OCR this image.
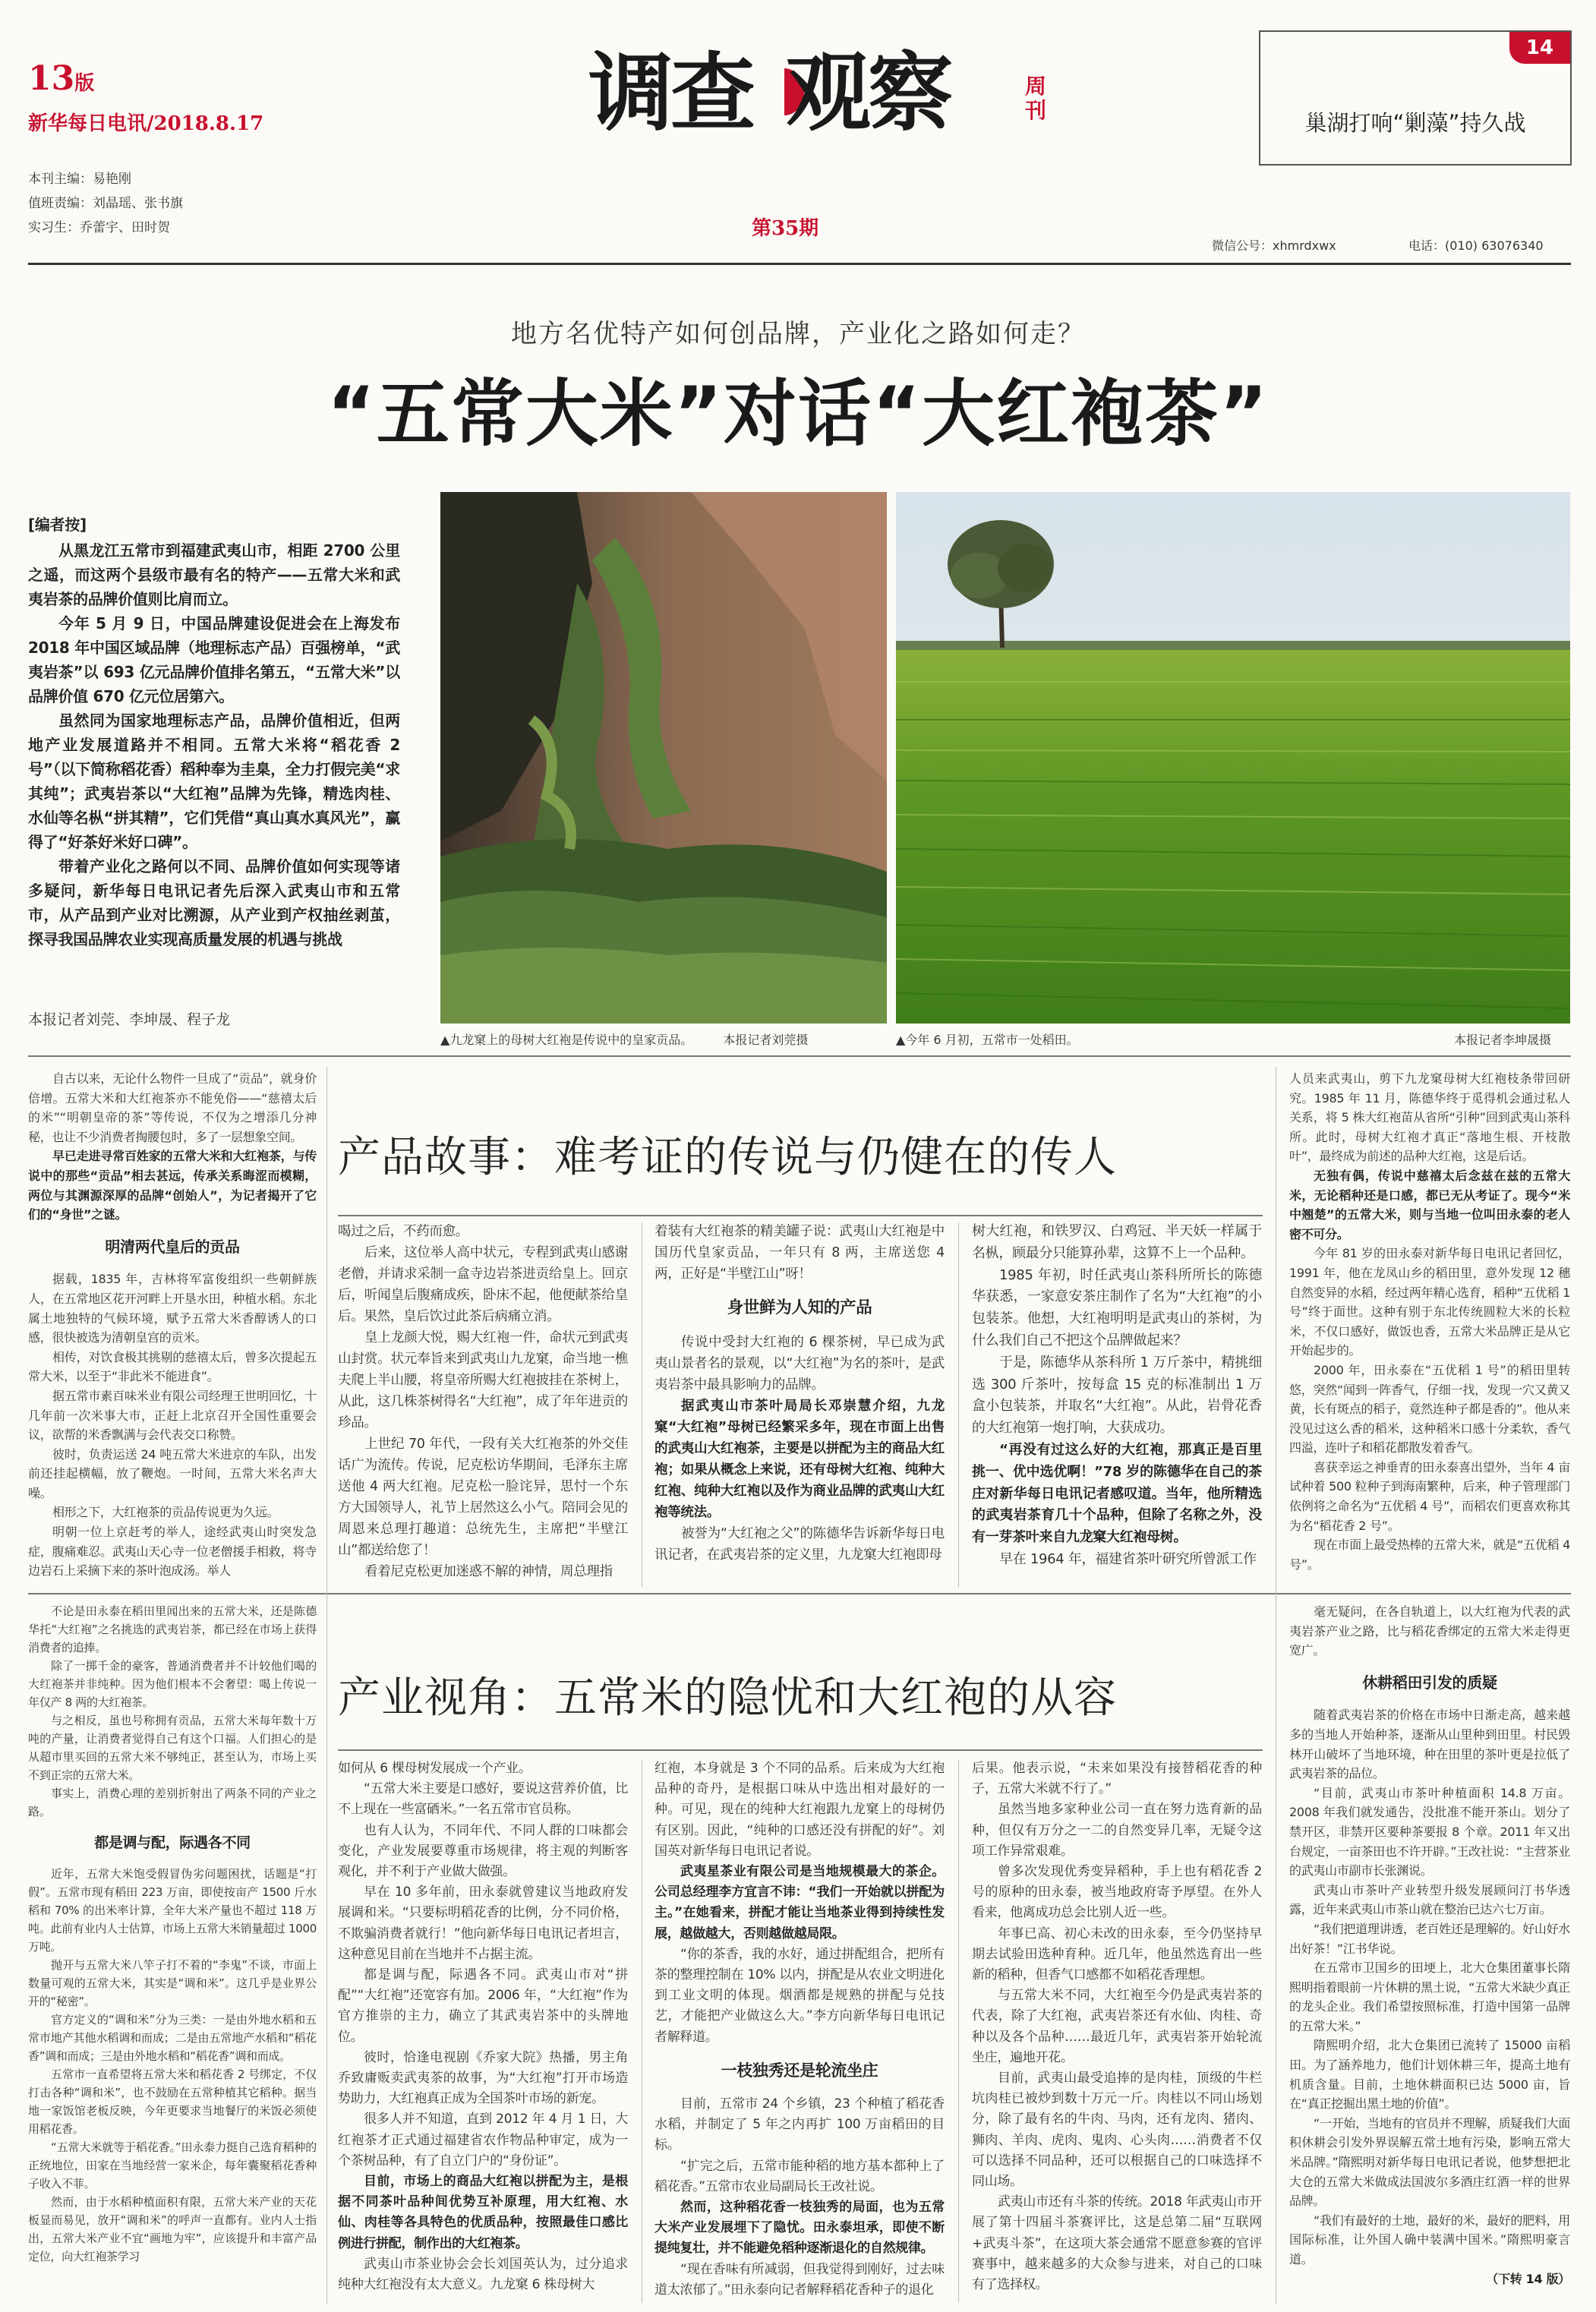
13版
新华每日电讯/2018.8.17
本刊主编：易艳刚
值班责编：刘晶瑶、张书旗
实习生：乔蕾宇、田时贺
调查 观察	周刊
第35期
微信公号：xhmrdxwx	电话：(010) 63076340
14
巢湖打响“剿藻”持久战
地方名优特产如何创品牌，产业化之路如何走？
“五常大米”对话“大红袍茶”
[编者按]

从黑龙江五常市到福建武夷山市，相距 2700 公里之遥，而这两个县级市最有名的特产——五常大米和武夷岩茶的品牌价值则比肩而立。

今年 5 月 9 日，中国品牌建设促进会在上海发布 2018 年中国区域品牌（地理标志产品）百强榜单，“武夷岩茶”以 693 亿元品牌价值排名第五，“五常大米”以品牌价值 670 亿元位居第六。

虽然同为国家地理标志产品，品牌价值相近，但两地产业发展道路并不相同。五常大米将“稻花香 2 号”（以下简称稻花香）稻种奉为圭臬，全力打假完美“求其纯”；武夷岩茶以“大红袍”品牌为先锋，精选肉桂、水仙等名枞“拼其精”，它们凭借“真山真水真风光”，赢得了“好茶好米好口碑”。

带着产业化之路何以不同、品牌价值如何实现等诸多疑问，新华每日电讯记者先后深入武夷山市和五常市，从产品到产业对比溯源，从产业到产权抽丝剥茧，探寻我国品牌农业实现高质量发展的机遇与挑战

本报记者刘莞、李坤晟、程子龙
▲九龙窠上的母树大红袍是传说中的皇家贡品。	本报记者刘莞摄	▲今年 6 月初，五常市一处稻田。	本报记者李坤晟摄
产品故事：难考证的传说与仍健在的传人

自古以来，无论什么物件一旦成了“贡品”，就身价倍增。五常大米和大红袍茶亦不能免俗——“慈禧太后的米”“明朝皇帝的茶”等传说，不仅为之增添几分神秘，也让不少消费者掏腰包时，多了一层想象空间。

早已走进寻常百姓家的五常大米和大红袍茶，与传说中的那些“贡品”相去甚远，传承关系晦涩而模糊，两位与其渊源深厚的品牌“创始人”，为记者揭开了它们的“身世”之谜。

明清两代皇后的贡品

据载，1835 年，吉林将军富俊组织一些朝鲜族人，在五常地区花开河畔上开垦水田，种植水稻。东北属土地独特的气候环境，赋予五常大米香醇诱人的口感，很快被选为清朝皇宫的贡米。

相传，对饮食极其挑剔的慈禧太后，曾多次提起五常大米，以至于“非此米不能进食”。

据五常市素百味米业有限公司经理王世明回忆，十几年前一次米事大市，正赶上北京召开全国性重要会议，欲帮的米香飘满与会代表交口称赞。

彼时，负责运送 24 吨五常大米进京的车队，出发前还挂起横幅，放了鞭炮。一时间，五常大米名声大噪。

相形之下，大红袍茶的贡品传说更为久远。

明朝一位上京赶考的举人，途经武夷山时突发急症，腹痛难忍。武夷山天心寺一位老僧援手相救，将寺边岩石上采摘下来的茶叶泡成汤。举人

喝过之后，不药而愈。

后来，这位举人高中状元，专程到武夷山感谢老僧，并请求采制一盒寺边岩茶进贡给皇上。回京后，听闻皇后腹痛成疾，卧床不起，他便献茶给皇后。果然，皇后饮过此茶后病痛立消。

皇上龙颜大悦，赐大红袍一件，命状元到武夷山封赏。状元奉旨来到武夷山九龙窠，命当地一樵夫爬上半山腰，将皇帝所赐大红袍披挂在茶树上，从此，这几株茶树得名“大红袍”，成了年年进贡的珍品。

上世纪 70 年代，一段有关大红袍茶的外交佳话广为流传。传说，尼克松访华期间，毛泽东主席送他 4 两大红袍。尼克松一脸诧异，思忖一个东方大国领导人，礼节上居然这么小气。陪同会见的周恩来总理打趣道：总统先生，主席把“半壁江山”都送给您了！

看着尼克松更加迷惑不解的神情，周总理指

着装有大红袍茶的精美罐子说：武夷山大红袍是中国历代皇家贡品，一年只有 8 两，主席送您 4 两，正好是“半壁江山”呀！

身世鲜为人知的产品

传说中受封大红袍的 6 棵茶树，早已成为武夷山景者名的景观，以“大红袍”为名的茶叶，是武夷岩茶中最具影响力的品牌。

据武夷山市茶叶局局长邓崇慧介绍，九龙窠“大红袍”母树已经繁采多年，现在市面上出售的武夷山大红袍茶，主要是以拼配为主的商品大红袍；如果从概念上来说，还有母树大红袍、纯种大红袍、纯种大红袍以及作为商业品牌的武夷山大红袍等统法。

被誉为“大红袍之父”的陈德华告诉新华每日电讯记者，在武夷岩茶的定义里，九龙窠大红袍即母

树大红袍，和铁罗汉、白鸡冠、半天妖一样属于名枞，顾最分只能算孙辈，这算不上一个品种。

1985 年初，时任武夷山茶科所所长的陈德华获悉，一家意安茶庄制作了名为“大红袍”的小包装茶。他想，大红袍明明是武夷山的茶树，为什么我们自己不把这个品牌做起来？

于是，陈德华从茶科所 1 万斤茶中，精挑细选 300 斤茶叶，按每盒 15 克的标准制出 1 万盒小包装茶，并取名“大红袍”。从此，岩骨花香的大红袍第一炮打响，大获成功。

“再没有过这么好的大红袍，那真正是百里挑一、优中选优啊！”78 岁的陈德华在自己的茶庄对新华每日电讯记者感叹道。当年，他所精选的武夷岩茶育几十个品种，但除了名称之外，没有一芽茶叶来自九龙窠大红袍母树。

早在 1964 年，福建省茶叶研究所曾派工作

人员来武夷山，剪下九龙窠母树大红袍枝条带回研究。1985 年 11 月，陈德华终于觅得机会通过私人关系，将 5 株大红袍苗从省所“引种”回到武夷山茶科所。此时，母树大红袍才真正“落地生根、开枝散叶”，最终成为前述的品种大红袍，这是后话。

无独有偶，传说中慈禧太后念兹在兹的五常大米，无论稻种还是口感，都已无从考证了。现今“米中翘楚”的五常大米，则与当地一位叫田永泰的老人密不可分。

今年 81 岁的田永泰对新华每日电讯记者回忆，1991 年，他在龙凤山乡的稻田里，意外发现 12 穗自然变异的水稻，经过两年精心选育，稻种“五优稻 1 号”终于面世。这种有别于东北传统圆粒大米的长粒米，不仅口感好，做饭也香，五常大米品牌正是从它开始起步的。

2000 年，田永泰在“五优稻 1 号”的稻田里转悠，突然“闻到一阵香气，仔细一找，发现一穴又黄又黄，长有斑点的稻子，竟然连种子都是香的”。他从来没见过这么香的稻米，这种稻米口感十分柔软，香气四溢，连叶子和稻花都散发着香气。

喜获幸运之神垂青的田永泰喜出望外，当年 4 亩试种着 500 粒种子到海南繁种，后来，种子管理部门依例将之命名为“五优稻 4 号”，而稻农们更喜欢称其为名“稻花香 2 号”。

现在市面上最受热棒的五常大米，就是“五优稻 4 号”。

产业视角：五常米的隐忧和大红袍的从容

不论是田永泰在稻田里闻出来的五常大米，还是陈德华托“大红袍”之名挑选的武夷岩茶，都已经在市场上获得消费者的追捧。

除了一掷千金的豪客，普通消费者并不计较他们喝的大红袍茶并非纯种。因为他们根本不会奢望：喝上传说一年仅产 8 两的大红袍茶。

与之相反，虽也号称拥有贡品，五常大米每年数十万吨的产量，让消费者觉得自己有这个口福。人们担心的是从超市里买回的五常大米不够纯正，甚至认为，市场上买不到正宗的五常大米。

事实上，消费心理的差别折射出了两条不同的产业之路。

都是调与配，际遇各不同

近年，五常大米饱受假冒伪劣问题困扰，话题是“打假”。五常市现有稻田 223 万亩，即使按亩产 1500 斤水稻和 70% 的出米率计算，全年大米产量也不超过 118 万吨。此前有业内人士估算，市场上五常大米销量超过 1000 万吨。

抛开与五常大米八竿子打不着的“李鬼”不谈，市面上数量可观的五常大米，其实是“调和米”。这几乎是业界公开的“秘密”。

官方定义的“调和米”分为三类：一是由外地水稻和五常市地产其他水稻调和而成；二是由五常地产水稻和“稻花香”调和而成；三是由外地水稻和“稻花香”调和而成。

五常市一直希望将五常大米和稻花香 2 号绑定，不仅打击各种“调和米”，也不鼓励在五常种植其它稻种。据当地一家饭馆老板反映，今年更要求当地餐厅的米饭必须使用稻花香。

“五常大米就等于稻花香。”田永泰力挺自己选育稻种的正统地位，田家在当地经营一家米企，每年囊聚稻花香种子收入不菲。

然而，由于水稻种植面积有限，五常大米产业的天花板显而易见，放开“调和米”的呼声一直都有。业内人士指出，五常大米产业不宜“画地为牢”，应该提升和丰富产品定位，向大红袍茶学习

如何从 6 棵母树发展成一个产业。

“五常大米主要是口感好，要说这营养价值，比不上现在一些富硒米。”一名五常市官员称。

也有人认为，不同年代、不同人群的口味都会变化，产业发展要尊重市场规律，将主观的判断客观化，并不利于产业做大做强。

早在 10 多年前，田永泰就曾建议当地政府发展调和米。“只要标明稻花香的比例，分不同价格，不欺骗消费者就行！”他向新华每日电讯记者坦言，这种意见目前在当地并不占据主流。

都是调与配，际遇各不同。武夷山市对“拼配”“大红袍”还宽容有加。2006 年，“大红袍”作为官方推崇的主力，确立了其武夷岩茶中的头牌地位。

彼时，恰逢电视剧《乔家大院》热播，男主角乔致庸贩卖武夷茶的故事，为“大红袍”打开市场造势助力，大红袍真正成为全国茶叶市场的新宠。

很多人并不知道，直到 2012 年 4 月 1 日，大红袍茶才正式通过福建省农作物品种审定，成为一个茶树品种，有了自立门户的“身份证”。

目前，市场上的商品大红袍以拼配为主，是根据不同茶叶品种间优势互补原理，用大红袍、水仙、肉桂等各具特色的优质品种，按照最佳口感比例进行拼配，制作出的大红袍茶。

武夷山市茶业协会会长刘国英认为，过分追求纯种大红袍没有太大意义。九龙窠 6 株母树大

红袍，本身就是 3 个不同的品系。后来成为大红袍品种的奇丹，是根据口味从中选出相对最好的一种。可见，现在的纯种大红袍跟九龙窠上的母树仍有区别。因此，“纯种的口感还没有拼配的好”。刘国英对新华每日电讯记者说。

武夷星茶业有限公司是当地规模最大的茶企。公司总经理李方宜言不讳：“我们一开始就以拼配为主。”在她看来，拼配才能让当地茶业得到持续性发展，越做越大，否则越做越局限。

“你的茶香，我的水好，通过拼配组合，把所有茶的整理控制在 10% 以内，拼配是从农业文明进化到工业文明的体现。烟酒都是规熟的拼配与兑技艺，才能把产业做这么大。”李方向新华每日电讯记者解释道。

一枝独秀还是轮流坐庄

目前，五常市 24 个乡镇，23 个种植了稻花香水稻，并制定了 5 年之内再扩 100 万亩稻田的目标。

“扩完之后，五常市能种稻的地方基本都种上了稻花香。”五常市农业局副局长王改社说。

然而，这种稻花香一枝独秀的局面，也为五常大米产业发展埋下了隐忧。田永泰坦承，即使不断提纯复壮，并不能避免稻种逐渐退化的自然规律。

“现在香味有所减弱，但我觉得到刚好，过去味道太浓郁了。”田永泰向记者解释稻花香种子的退化

后果。他表示说，“未来如果没有接替稻花香的种子，五常大米就不行了。”

虽然当地多家种业公司一直在努力选育新的品种，但仅有万分之一二的自然变异几率，无疑令这项工作异常艰难。

曾多次发现优秀变异稻种，手上也有稻花香 2 号的原种的田永泰，被当地政府寄予厚望。在外人看来，他离成功总会比别人近一些。

年事已高、初心未改的田永泰，至今仍坚持早期去试验田选种育种。近几年，他虽然选育出一些新的稻种，但香气口感都不如稻花香理想。

与五常大米不同，大红袍至今仍是武夷岩茶的代表，除了大红袍，武夷岩茶还有水仙、肉桂、奇种以及各个品种……最近几年，武夷岩茶开始轮流坐庄，遍地开花。

目前，武夷山最受追捧的是肉桂，顶级的牛栏坑肉桂已被炒到数十万元一斤。肉桂以不同山场划分，除了最有名的牛肉、马肉，还有龙肉、猪肉、狮肉、羊肉、虎肉、鬼肉、心头肉……消费者不仅可以选择不同品种，还可以根据自己的口味选择不同山场。

武夷山市还有斗茶的传统。2018 年武夷山市开展了第十四届斗茶赛评比，这是总第二届“互联网+武夷斗茶”，在这项大茶会通常不愿意参赛的官评赛事中，越来越多的大众参与进来，对自己的口味有了选择权。

毫无疑问，在各自轨道上，以大红袍为代表的武夷岩茶产业之路，比与稻花香绑定的五常大米走得更宽广。

休耕稻田引发的质疑

随着武夷岩茶的价格在市场中日渐走高，越来越多的当地人开始种茶，逐渐从山里种到田里。村民毁林开山破坏了当地环境，种在田里的茶叶更是拉低了武夷岩茶的品位。

“目前，武夷山市茶叶种植面积 14.8 万亩。2008 年我们就发通告，没批准不能开茶山。划分了禁开区，非禁开区要种茶要报 8 个章。2011 年又出台规定，一亩茶田也不许开辟。”王改社说：“主营茶业的武夷山市副市长张渊说。

武夷山市茶叶产业转型升级发展顾问汀书华透露，近年来武夷山市茶山就在整治已达六七万亩。

“我们把道理讲透，老百姓还是理解的。好山好水出好茶！”江书华说。

在五常市卫国乡的田埂上，北大仓集团董事长隋熙明指着眼前一片休耕的黑土说，“五常大米缺少真正的龙头企业。我们希望按照标准，打造中国第一品牌的五常大米。”

隋熙明介绍，北大仓集团已流转了 15000 亩稻田。为了涵养地力，他们计划休耕三年，提高土地有机质含量。目前，土地休耕面积已达 5000 亩，旨在“真正挖掘出黑土地的价值”。

“一开始，当地有的官员并不理解，质疑我们大面积休耕会引发外界误解五常土地有污染，影响五常大米品牌。”隋熙明对新华每日电讯记者说，他梦想把北大仓的五常大米做成法国波尔多酒庄红酒一样的世界品牌。

“我们有最好的土地，最好的米，最好的肥料，用国际标准，让外国人确中装满中国米。”隋熙明豪言道。

（下转 14 版）
